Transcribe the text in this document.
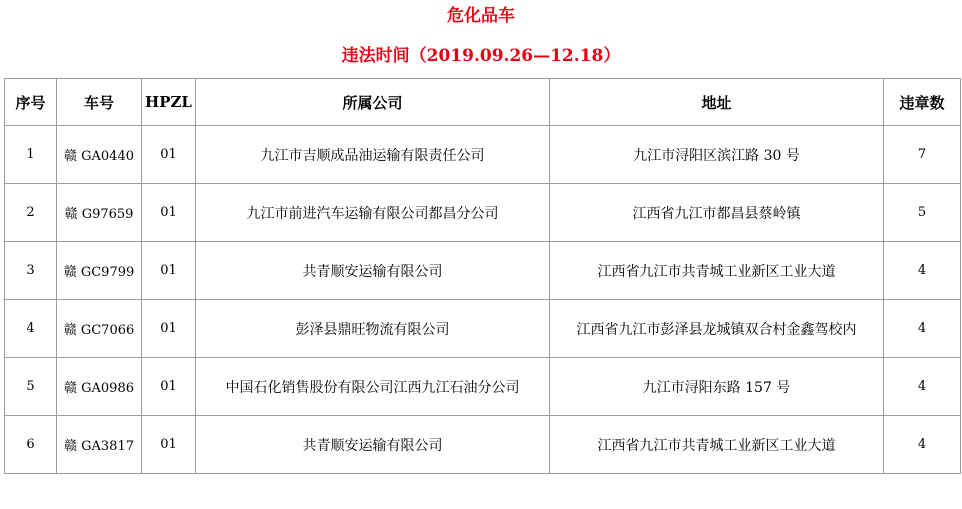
危化品车
违法时间（2019.09.26—12.18）
序号	车号	HPZL	所属公司	地址	违章数
1	赣 GA0440	01	九江市吉顺成品油运输有限责任公司	九江市浔阳区滨江路 30 号	7
2	赣 G97659	01	九江市前进汽车运输有限公司都昌分公司	江西省九江市都昌县蔡岭镇	5
3	赣 GC9799	01	共青顺安运输有限公司	江西省九江市共青城工业新区工业大道	4
4	赣 GC7066	01	彭泽县鼎旺物流有限公司	江西省九江市彭泽县龙城镇双合村金鑫驾校内	4
5	赣 GA0986	01	中国石化销售股份有限公司江西九江石油分公司	九江市浔阳东路 157 号	4
6	赣 GA3817	01	共青顺安运输有限公司	江西省九江市共青城工业新区工业大道	4
